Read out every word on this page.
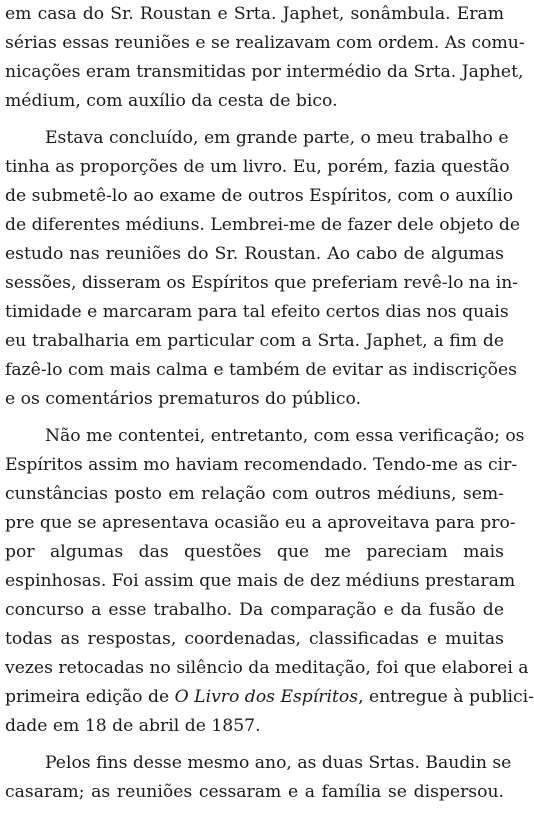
em casa do Sr. Roustan e Srta. Japhet, sonâmbula. Eram
sérias essas reuniões e se realizavam com ordem. As comu-
nicações eram transmitidas por intermédio da Srta. Japhet,
médium, com auxílio da cesta de bico.
Estava concluído, em grande parte, o meu trabalho e
tinha as proporções de um livro. Eu, porém, fazia questão
de submetê-lo ao exame de outros Espíritos, com o auxílio
de diferentes médiuns. Lembrei-me de fazer dele objeto de
estudo nas reuniões do Sr. Roustan. Ao cabo de algumas
sessões, disseram os Espíritos que preferiam revê-lo na in-
timidade e marcaram para tal efeito certos dias nos quais
eu trabalharia em particular com a Srta. Japhet, a fim de
fazê-lo com mais calma e também de evitar as indiscrições
e os comentários prematuros do público.
Não me contentei, entretanto, com essa verificação; os
Espíritos assim mo haviam recomendado. Tendo-me as cir-
cunstâncias posto em relação com outros médiuns, sem-
pre que se apresentava ocasião eu a aproveitava para pro-
por algumas das questões que me pareciam mais
espinhosas. Foi assim que mais de dez médiuns prestaram
concurso a esse trabalho. Da comparação e da fusão de
todas as respostas, coordenadas, classificadas e muitas
vezes retocadas no silêncio da meditação, foi que elaborei a
primeira edição de O Livro dos Espíritos, entregue à publici-
dade em 18 de abril de 1857.
Pelos fins desse mesmo ano, as duas Srtas. Baudin se
casaram; as reuniões cessaram e a família se dispersou.
